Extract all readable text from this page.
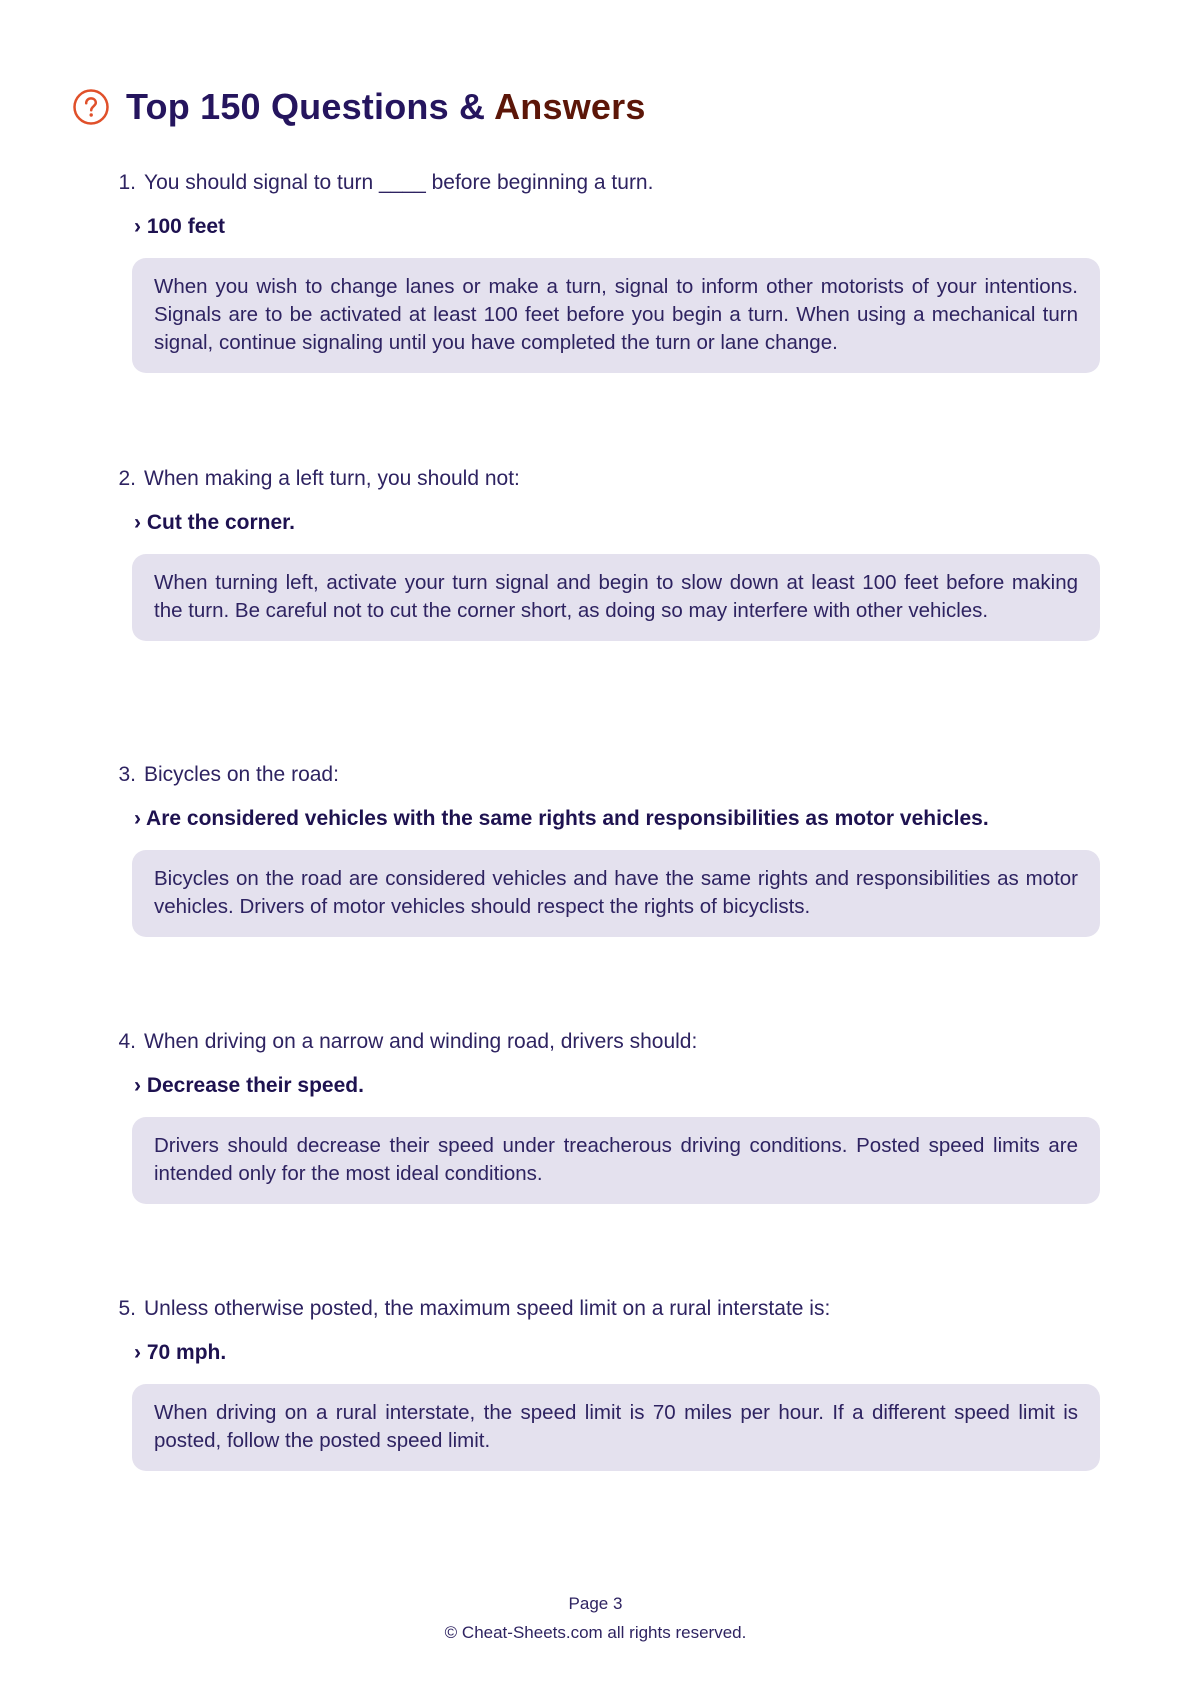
Top 150 Questions & Answers
1. You should signal to turn ____ before beginning a turn.
› 100 feet
When you wish to change lanes or make a turn, signal to inform other motorists of your intentions. Signals are to be activated at least 100 feet before you begin a turn. When using a mechanical turn signal, continue signaling until you have completed the turn or lane change.
2. When making a left turn, you should not:
› Cut the corner.
When turning left, activate your turn signal and begin to slow down at least 100 feet before making the turn. Be careful not to cut the corner short, as doing so may interfere with other vehicles.
3. Bicycles on the road:
› Are considered vehicles with the same rights and responsibilities as motor vehicles.
Bicycles on the road are considered vehicles and have the same rights and responsibilities as motor vehicles. Drivers of motor vehicles should respect the rights of bicyclists.
4. When driving on a narrow and winding road, drivers should:
› Decrease their speed.
Drivers should decrease their speed under treacherous driving conditions. Posted speed limits are intended only for the most ideal conditions.
5. Unless otherwise posted, the maximum speed limit on a rural interstate is:
› 70 mph.
When driving on a rural interstate, the speed limit is 70 miles per hour. If a different speed limit is posted, follow the posted speed limit.
Page 3
© Cheat-Sheets.com all rights reserved.
